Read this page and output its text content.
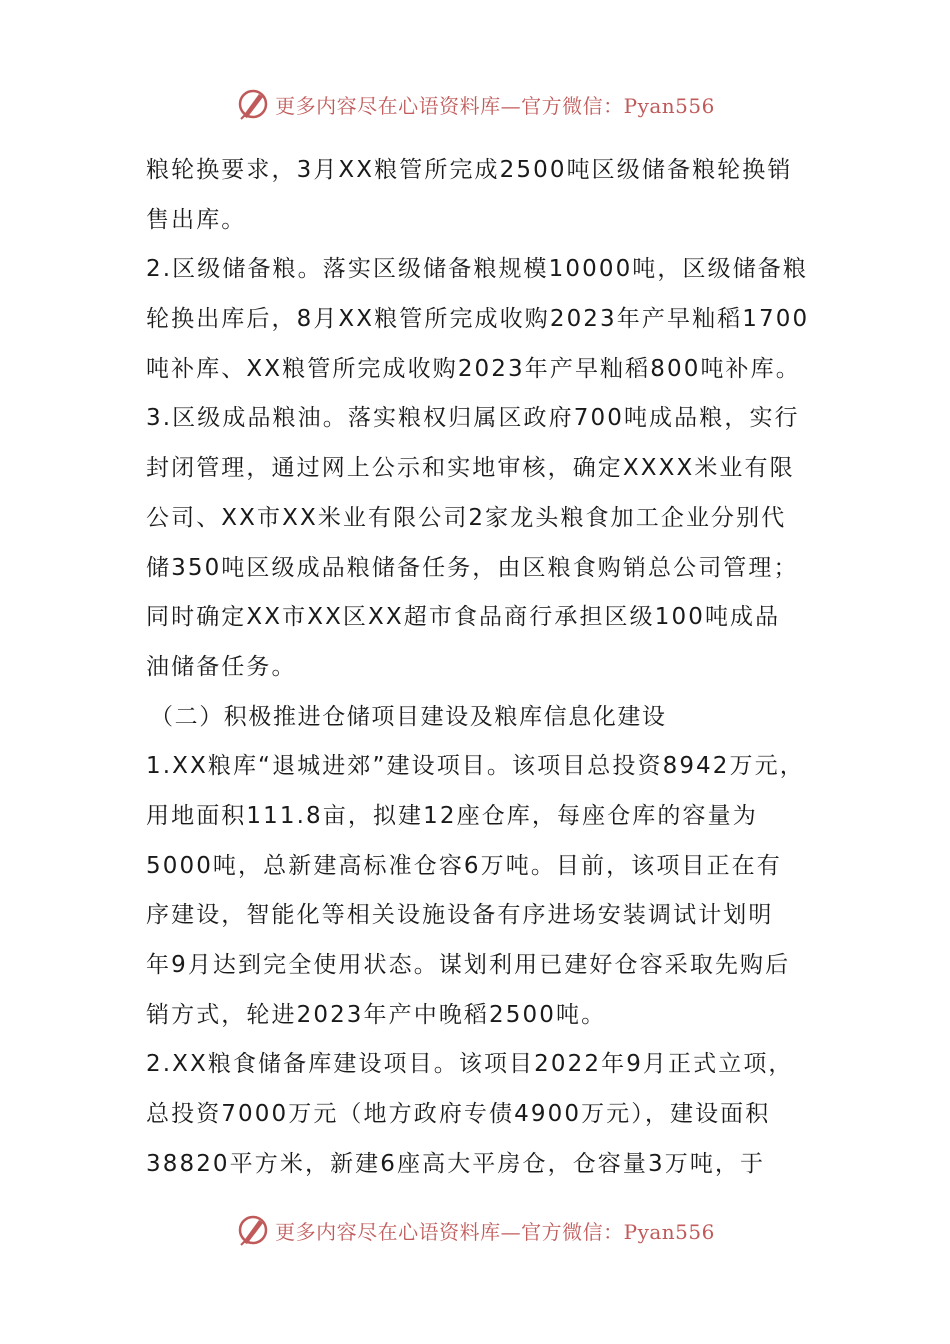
更多内容尽在心语资料库—官方微信：Pyan556
粮轮换要求，3月XX粮管所完成2500吨区级储备粮轮换销
售出库。
2.区级储备粮。落实区级储备粮规模10000吨，区级储备粮
轮换出库后，8月XX粮管所完成收购2023年产早籼稻1700
吨补库、XX粮管所完成收购2023年产早籼稻800吨补库。
3.区级成品粮油。落实粮权归属区政府700吨成品粮，实行
封闭管理，通过网上公示和实地审核，确定XXXX米业有限
公司、XX市XX米业有限公司2家龙头粮食加工企业分别代
储350吨区级成品粮储备任务，由区粮食购销总公司管理；
同时确定XX市XX区XX超市食品商行承担区级100吨成品
油储备任务。
（二）积极推进仓储项目建设及粮库信息化建设
1.XX粮库“退城进郊”建设项目。该项目总投资8942万元，
用地面积111.8亩，拟建12座仓库，每座仓库的容量为
5000吨，总新建高标准仓容6万吨。目前，该项目正在有
序建设，智能化等相关设施设备有序进场安装调试计划明
年9月达到完全使用状态。谋划利用已建好仓容采取先购后
销方式，轮进2023年产中晚稻2500吨。
2.XX粮食储备库建设项目。该项目2022年9月正式立项，
总投资7000万元（地方政府专债4900万元），建设面积
38820平方米，新建6座高大平房仓，仓容量3万吨，于
更多内容尽在心语资料库—官方微信：Pyan556
